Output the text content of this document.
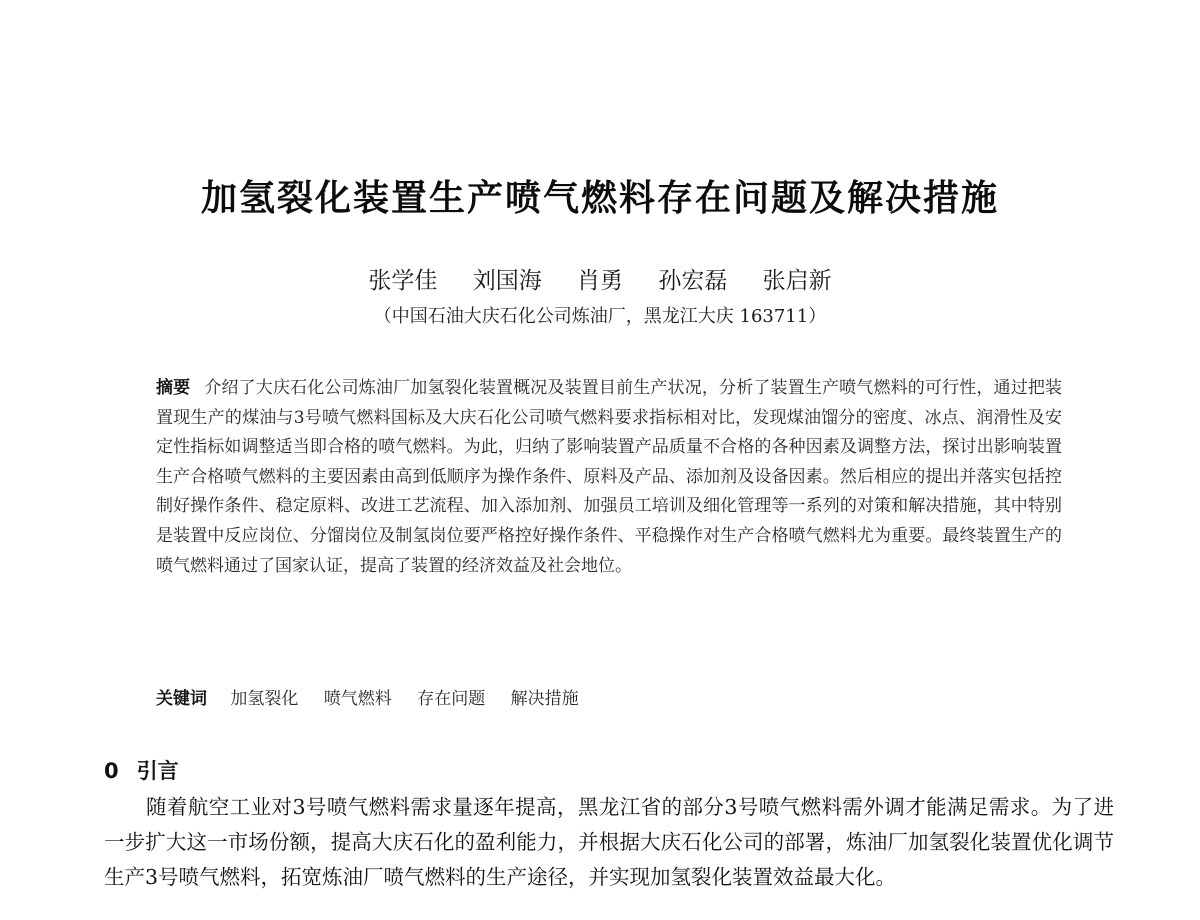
加氢裂化装置生产喷气燃料存在问题及解决措施
张学佳 刘国海 肖勇 孙宏磊 张启新
（中国石油大庆石化公司炼油厂，黑龙江大庆 163711）
摘要 介绍了大庆石化公司炼油厂加氢裂化装置概况及装置目前生产状况，分析了装置生产喷气燃料的可行性，通过把装置现生产的煤油与3号喷气燃料国标及大庆石化公司喷气燃料要求指标相对比，发现煤油馏分的密度、冰点、润滑性及安定性指标如调整适当即合格的喷气燃料。为此，归纳了影响装置产品质量不合格的各种因素及调整方法，探讨出影响装置生产合格喷气燃料的主要因素由高到低顺序为操作条件、原料及产品、添加剂及设备因素。然后相应的提出并落实包括控制好操作条件、稳定原料、改进工艺流程、加入添加剂、加强员工培训及细化管理等一系列的对策和解决措施，其中特别是装置中反应岗位、分馏岗位及制氢岗位要严格控好操作条件、平稳操作对生产合格喷气燃料尤为重要。最终装置生产的喷气燃料通过了国家认证，提高了装置的经济效益及社会地位。
关键词 加氢裂化 喷气燃料 存在问题 解决措施
0 引言
随着航空工业对3号喷气燃料需求量逐年提高，黑龙江省的部分3号喷气燃料需外调才能满足需求。为了进一步扩大这一市场份额，提高大庆石化的盈利能力，并根据大庆石化公司的部署，炼油厂加氢裂化装置优化调节生产3号喷气燃料，拓宽炼油厂喷气燃料的生产途径，并实现加氢裂化装置效益最大化。
